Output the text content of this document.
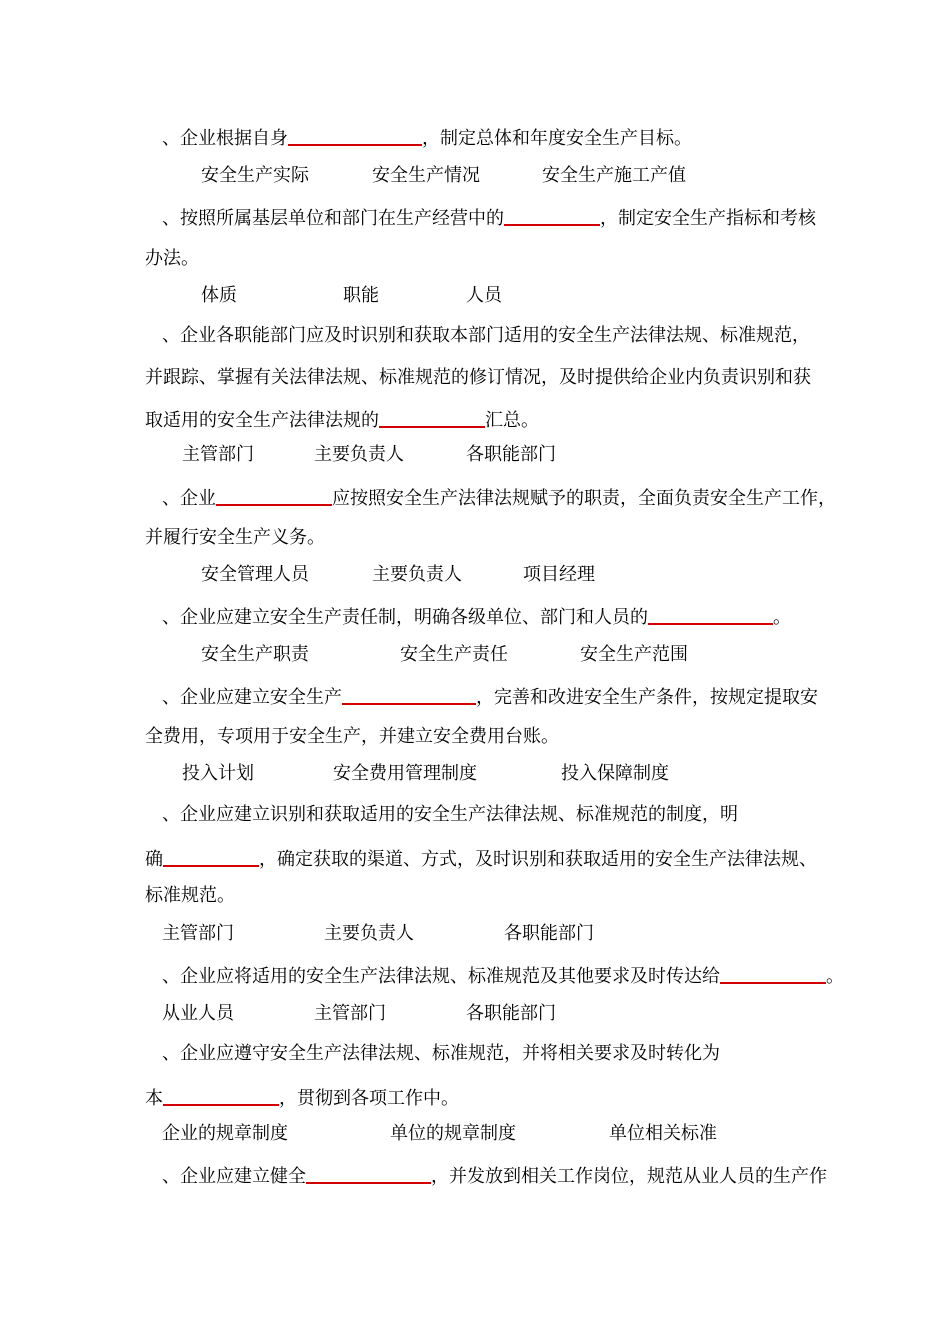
、企业根据自身	，制定总体和年度安全生产目标。
安全生产实际	安全生产情况	安全生产施工产值
、按照所属基层单位和部门在生产经营中的	，制定安全生产指标和考核
办法。
体质	职能	人员
、企业各职能部门应及时识别和获取本部门适用的安全生产法律法规、标准规范，
并跟踪、掌握有关法律法规、标准规范的修订情况，及时提供给企业内负责识别和获
取适用的安全生产法律法规的	汇总。
主管部门	主要负责人	各职能部门
、企业	应按照安全生产法律法规赋予的职责，全面负责安全生产工作，
并履行安全生产义务。
安全管理人员	主要负责人	项目经理
、企业应建立安全生产责任制，明确各级单位、部门和人员的	。
安全生产职责	安全生产责任	安全生产范围
、企业应建立安全生产	，完善和改进安全生产条件，按规定提取安
全费用，专项用于安全生产，并建立安全费用台账。
投入计划	安全费用管理制度	投入保障制度
、企业应建立识别和获取适用的安全生产法律法规、标准规范的制度，明
确	，确定获取的渠道、方式，及时识别和获取适用的安全生产法律法规、
标准规范。
主管部门	主要负责人	各职能部门
、企业应将适用的安全生产法律法规、标准规范及其他要求及时传达给	。
从业人员	主管部门	各职能部门
、企业应遵守安全生产法律法规、标准规范，并将相关要求及时转化为
本	，贯彻到各项工作中。
企业的规章制度	单位的规章制度	单位相关标准
、企业应建立健全	，并发放到相关工作岗位，规范从业人员的生产作
